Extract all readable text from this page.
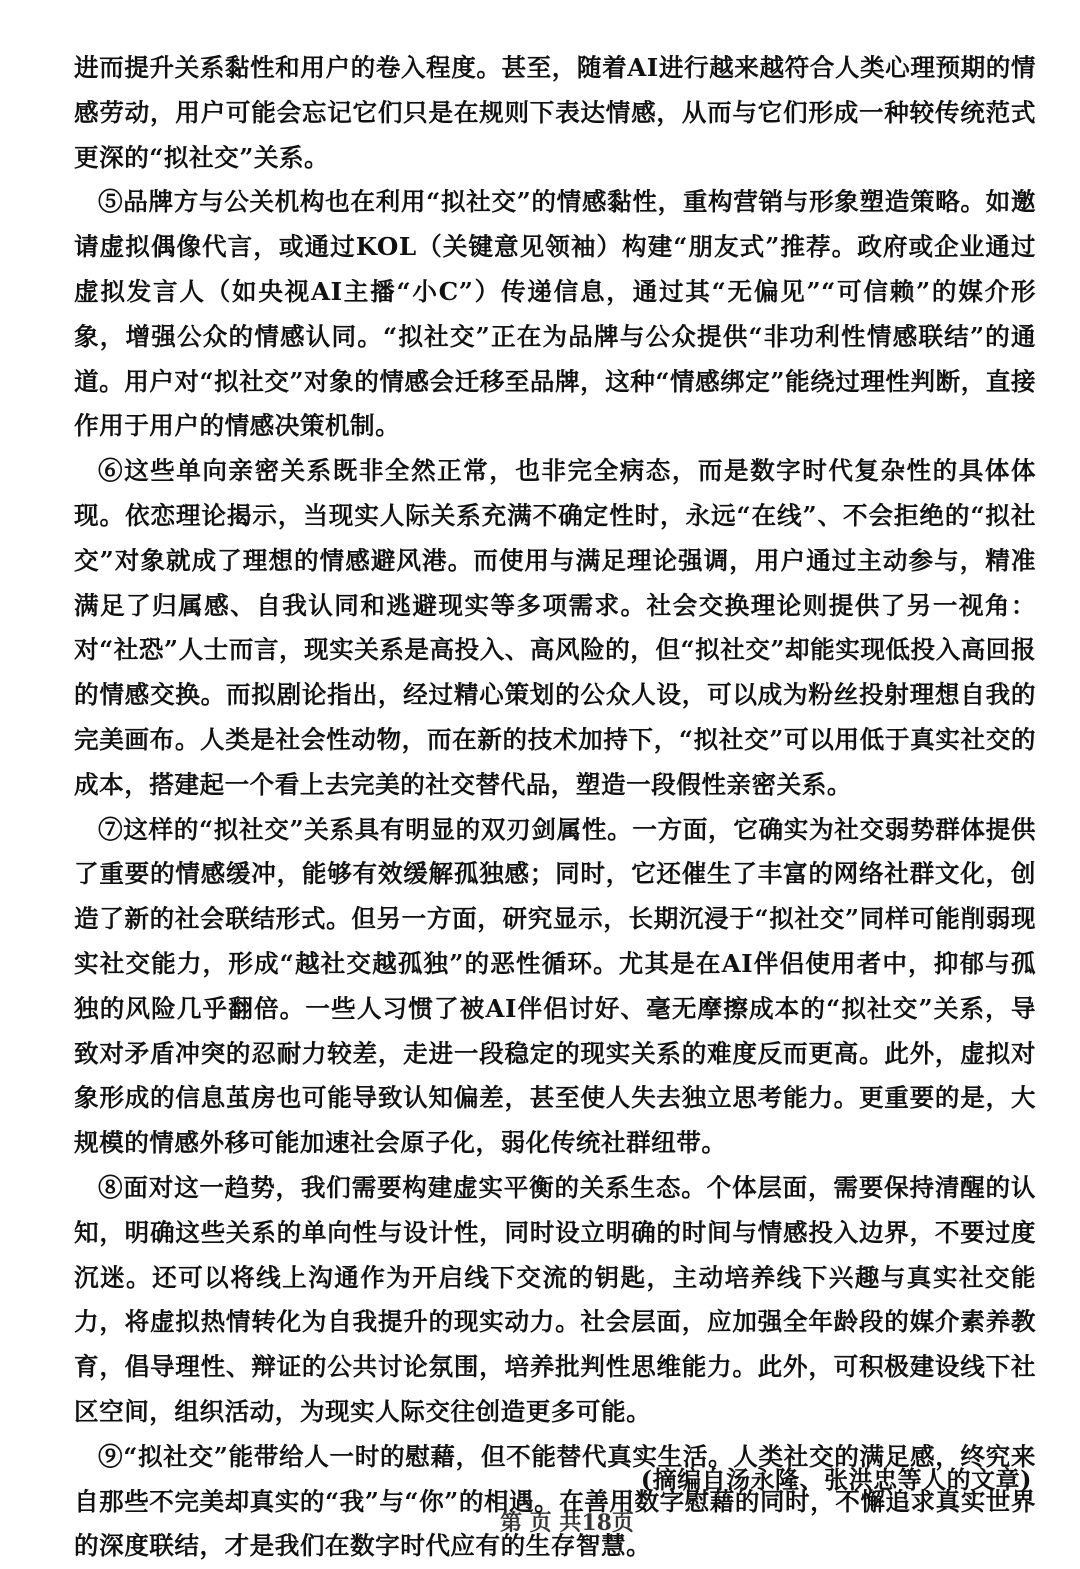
进而提升关系黏性和用户的卷入程度。甚至，随着AI进行越来越符合人类心理预期的情感劳动，用户可能会忘记它们只是在规则下表达情感，从而与它们形成一种较传统范式更深的“拟社交”关系。

⑤品牌方与公关机构也在利用“拟社交”的情感黏性，重构营销与形象塑造策略。如邀请虚拟偶像代言，或通过KOL（关键意见领袖）构建“朋友式”推荐。政府或企业通过虚拟发言人（如央视AI主播“小C”）传递信息，通过其“无偏见”“可信赖”的媒介形象，增强公众的情感认同。“拟社交”正在为品牌与公众提供“非功利性情感联结”的通道。用户对“拟社交”对象的情感会迁移至品牌，这种“情感绑定”能绕过理性判断，直接作用于用户的情感决策机制。

⑥这些单向亲密关系既非全然正常，也非完全病态，而是数字时代复杂性的具体体现。依恋理论揭示，当现实人际关系充满不确定性时，永远“在线”、不会拒绝的“拟社交”对象就成了理想的情感避风港。而使用与满足理论强调，用户通过主动参与，精准满足了归属感、自我认同和逃避现实等多项需求。社会交换理论则提供了另一视角：对“社恐”人士而言，现实关系是高投入、高风险的，但“拟社交”却能实现低投入高回报的情感交换。而拟剧论指出，经过精心策划的公众人设，可以成为粉丝投射理想自我的完美画布。人类是社会性动物，而在新的技术加持下，“拟社交”可以用低于真实社交的成本，搭建起一个看上去完美的社交替代品，塑造一段假性亲密关系。

⑦这样的“拟社交”关系具有明显的双刃剑属性。一方面，它确实为社交弱势群体提供了重要的情感缓冲，能够有效缓解孤独感；同时，它还催生了丰富的网络社群文化，创造了新的社会联结形式。但另一方面，研究显示，长期沉浸于“拟社交”同样可能削弱现实社交能力，形成“越社交越孤独”的恶性循环。尤其是在AI伴侣使用者中，抑郁与孤独的风险几乎翻倍。一些人习惯了被AI伴侣讨好、毫无摩擦成本的“拟社交”关系，导致对矛盾冲突的忍耐力较差，走进一段稳定的现实关系的难度反而更高。此外，虚拟对象形成的信息茧房也可能导致认知偏差，甚至使人失去独立思考能力。更重要的是，大规模的情感外移可能加速社会原子化，弱化传统社群纽带。

⑧面对这一趋势，我们需要构建虚实平衡的关系生态。个体层面，需要保持清醒的认知，明确这些关系的单向性与设计性，同时设立明确的时间与情感投入边界，不要过度沉迷。还可以将线上沟通作为开启线下交流的钥匙，主动培养线下兴趣与真实社交能力，将虚拟热情转化为自我提升的现实动力。社会层面，应加强全年龄段的媒介素养教育，倡导理性、辩证的公共讨论氛围，培养批判性思维能力。此外，可积极建设线下社区空间，组织活动，为现实人际交往创造更多可能。

⑨“拟社交”能带给人一时的慰藉，但不能替代真实生活。人类社交的满足感，终究来自那些不完美却真实的“我”与“你”的相遇。在善用数字慰藉的同时，不懈追求真实世界的深度联结，才是我们在数字时代应有的生存智慧。

(摘编自汤永隆、张洪忠等人的文章)
第 页 共18页
